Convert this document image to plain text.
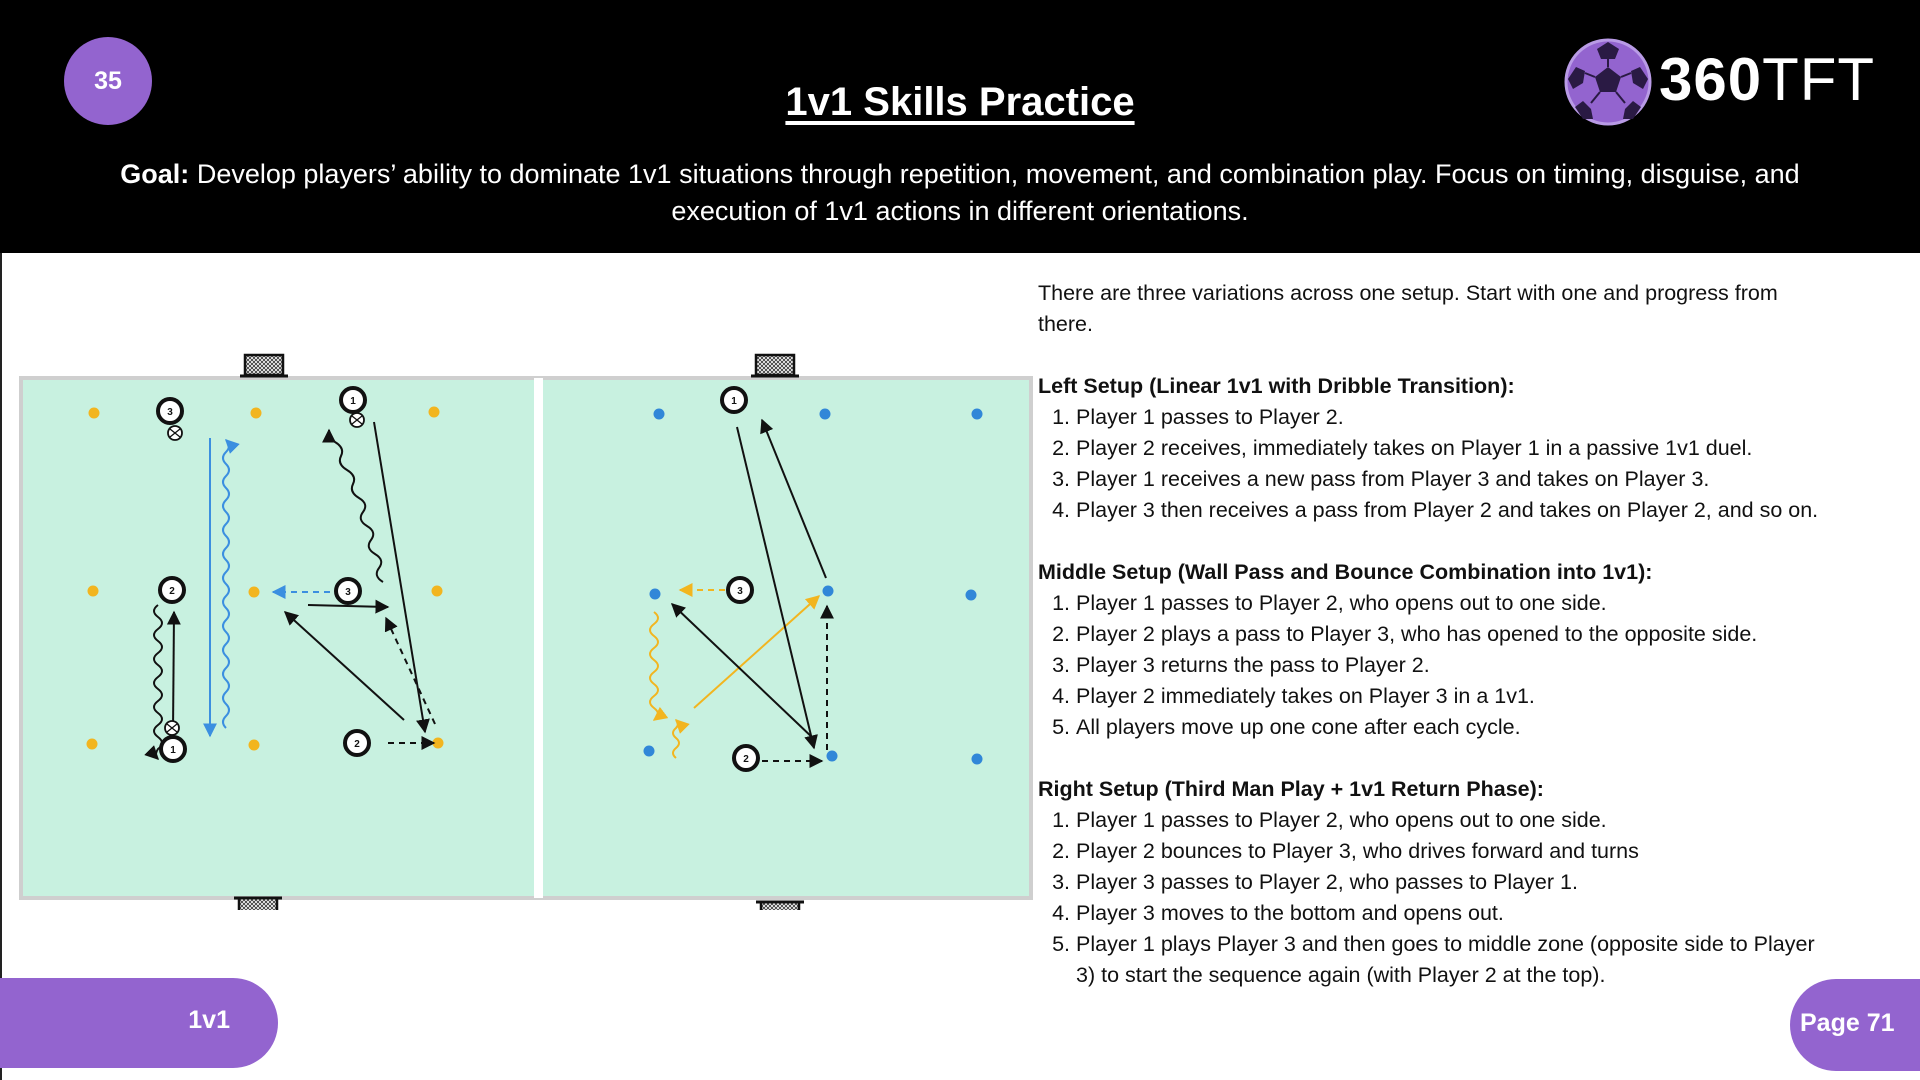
35	1v1 Skills Practice
Goal: Develop players’ ability to dominate 1v1 situations through repetition, movement, and combination play. Focus on timing, disguise, and execution of 1v1 actions in different orientations.
360TFT
3
1
2	3
1
2
1
3
2

There are three variations across one setup. Start with one and progress from there.

Left Setup (Linear 1v1 with Dribble Transition):
1. Player 1 passes to Player 2.
2. Player 2 receives, immediately takes on Player 1 in a passive 1v1 duel.
3. Player 1 receives a new pass from Player 3 and takes on Player 3.
4. Player 3 then receives a pass from Player 2 and takes on Player 2, and so on.
Middle Setup (Wall Pass and Bounce Combination into 1v1):
1. Player 1 passes to Player 2, who opens out to one side.
2. Player 2 plays a pass to Player 3, who has opened to the opposite side.
3. Player 3 returns the pass to Player 2.
4. Player 2 immediately takes on Player 3 in a 1v1.
5. All players move up one cone after each cycle.
Right Setup (Third Man Play + 1v1 Return Phase):
1. Player 1 passes to Player 2, who opens out to one side.
2. Player 2 bounces to Player 3, who drives forward and turns
3. Player 3 passes to Player 2, who passes to Player 1.
4. Player 3 moves to the bottom and opens out.
5. Player 1 plays Player 3 and then goes to middle zone (opposite side to Player 3) to start the sequence again (with Player 2 at the top).
1v1	Page 71
